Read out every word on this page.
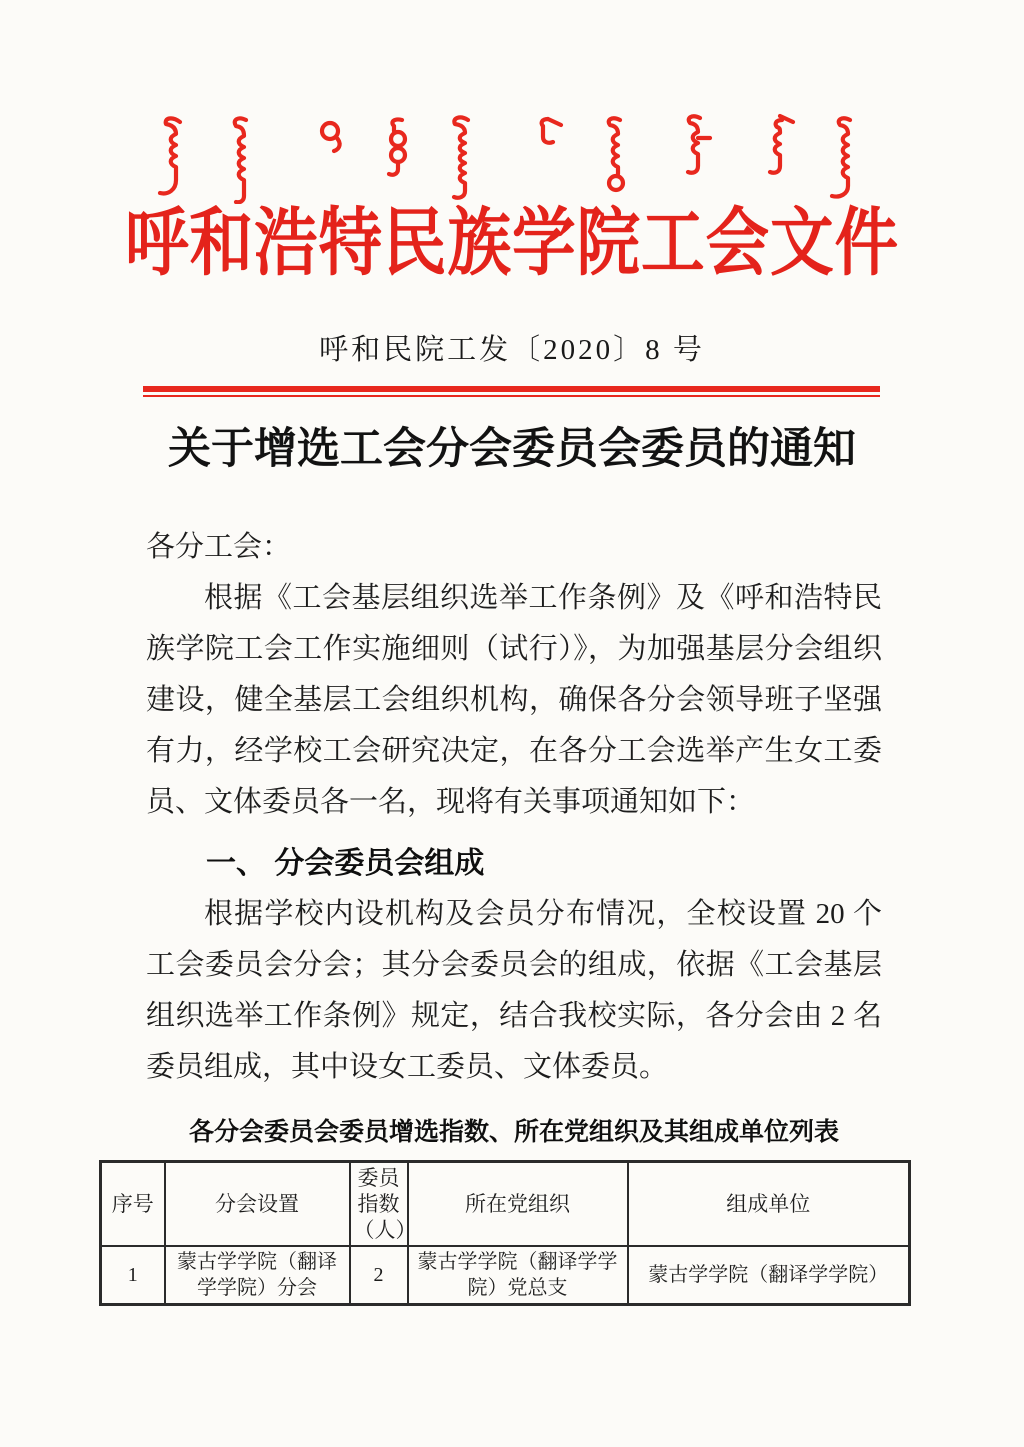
呼和浩特民族学院工会文件
呼和民院工发〔2020〕8 号
关于增选工会分会委员会委员的通知

各分工会：

根据《工会基层组织选举工作条例》及《呼和浩特民族学院工会工作实施细则（试行）》，为加强基层分会组织建设，健全基层工会组织机构，确保各分会领导班子坚强有力，经学校工会研究决定，在各分工会选举产生女工委员、文体委员各一名，现将有关事项通知如下：

一、 分会委员会组成

根据学校内设机构及会员分布情况，全校设置 20 个工会委员会分会；其分会委员会的组成，依据《工会基层组织选举工作条例》规定，结合我校实际，各分会由 2 名委员组成，其中设女工委员、文体委员。

各分会委员会委员增选指数、所在党组织及其组成单位列表

序号	分会设置	委员指数（人）	所在党组织	组成单位
1	蒙古学学院（翻译学学院）分会	2	蒙古学学院（翻译学学院）党总支	蒙古学学院（翻译学学院）
